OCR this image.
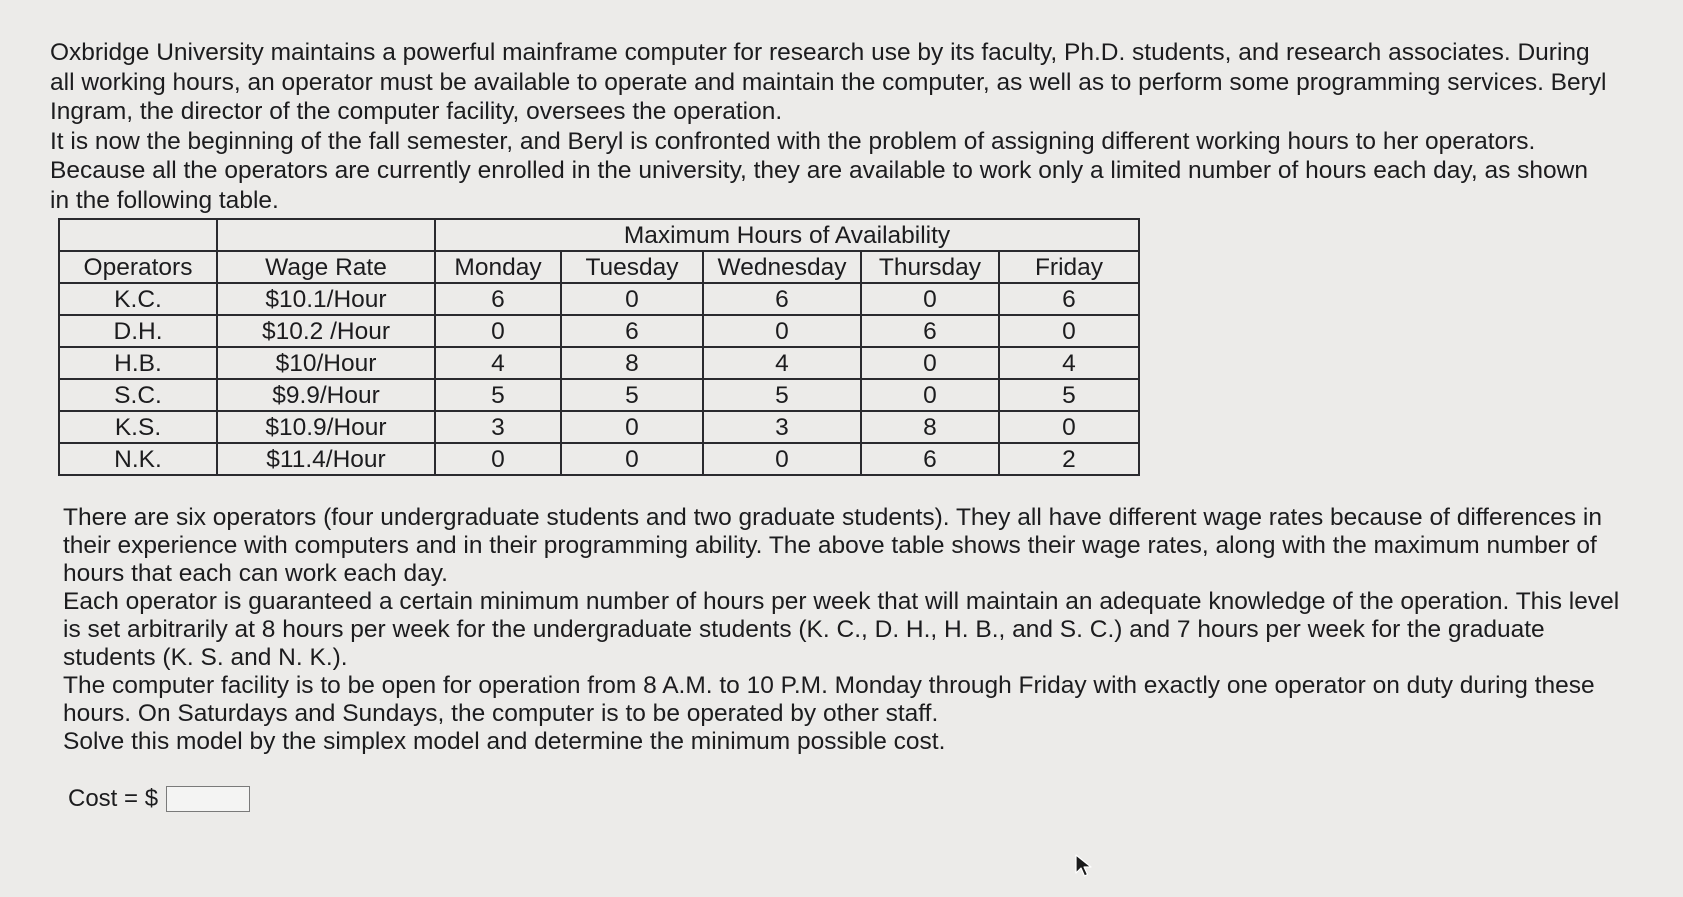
Oxbridge University maintains a powerful mainframe computer for research use by its faculty, Ph.D. students, and research associates. During all working hours, an operator must be available to operate and maintain the computer, as well as to perform some programming services. Beryl Ingram, the director of the computer facility, oversees the operation.

It is now the beginning of the fall semester, and Beryl is confronted with the problem of assigning different working hours to her operators. Because all the operators are currently enrolled in the university, they are available to work only a limited number of hours each day, as shown in the following table.

		Maximum Hours of Availability				
Operators	Wage Rate	Monday	Tuesday	Wednesday	Thursday	Friday
K.C.	$10.1/Hour	6	0	6	0	6
D.H.	$10.2 /Hour	0	6	0	6	0
H.B.	$10/Hour	4	8	4	0	4
S.C.	$9.9/Hour	5	5	5	0	5
K.S.	$10.9/Hour	3	0	3	8	0
N.K.	$11.4/Hour	0	0	0	6	2

There are six operators (four undergraduate students and two graduate students). They all have different wage rates because of differences in their experience with computers and in their programming ability. The above table shows their wage rates, along with the maximum number of hours that each can work each day.

Each operator is guaranteed a certain minimum number of hours per week that will maintain an adequate knowledge of the operation. This level is set arbitrarily at 8 hours per week for the undergraduate students (K. C., D. H., H. B., and S. C.) and 7 hours per week for the graduate students (K. S. and N. K.).

The computer facility is to be open for operation from 8 A.M. to 10 P.M. Monday through Friday with exactly one operator on duty during these hours. On Saturdays and Sundays, the computer is to be operated by other staff.

Solve this model by the simplex model and determine the minimum possible cost.

Cost = $
